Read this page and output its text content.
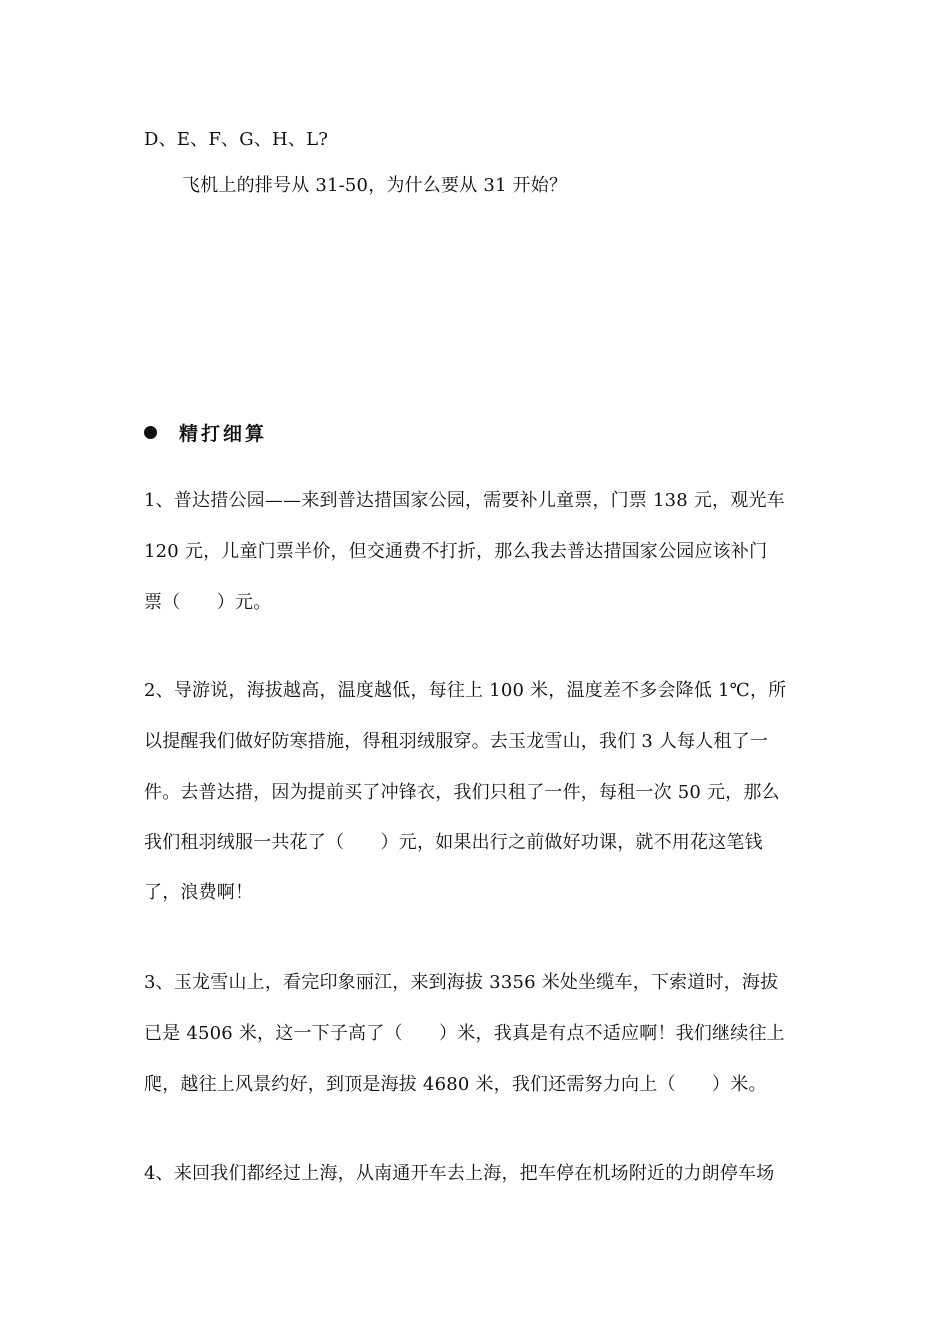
D、E、F、G、H、L?
飞机上的排号从 31-50，为什么要从 31 开始？
精打细算
1、普达措公园——来到普达措国家公园，需要补儿童票，门票 138 元，观光车
120 元，儿童门票半价，但交通费不打折，那么我去普达措国家公园应该补门
票（　　）元。
2、导游说，海拔越高，温度越低，每往上 100 米，温度差不多会降低 1℃，所
以提醒我们做好防寒措施，得租羽绒服穿。去玉龙雪山，我们 3 人每人租了一
件。去普达措，因为提前买了冲锋衣，我们只租了一件，每租一次 50 元，那么
我们租羽绒服一共花了（　　）元，如果出行之前做好功课，就不用花这笔钱
了，浪费啊！
3、玉龙雪山上，看完印象丽江，来到海拔 3356 米处坐缆车，下索道时，海拔
已是 4506 米，这一下子高了（　　）米，我真是有点不适应啊！我们继续往上
爬，越往上风景约好，到顶是海拔 4680 米，我们还需努力向上（　　）米。
4、来回我们都经过上海，从南通开车去上海，把车停在机场附近的力朗停车场
